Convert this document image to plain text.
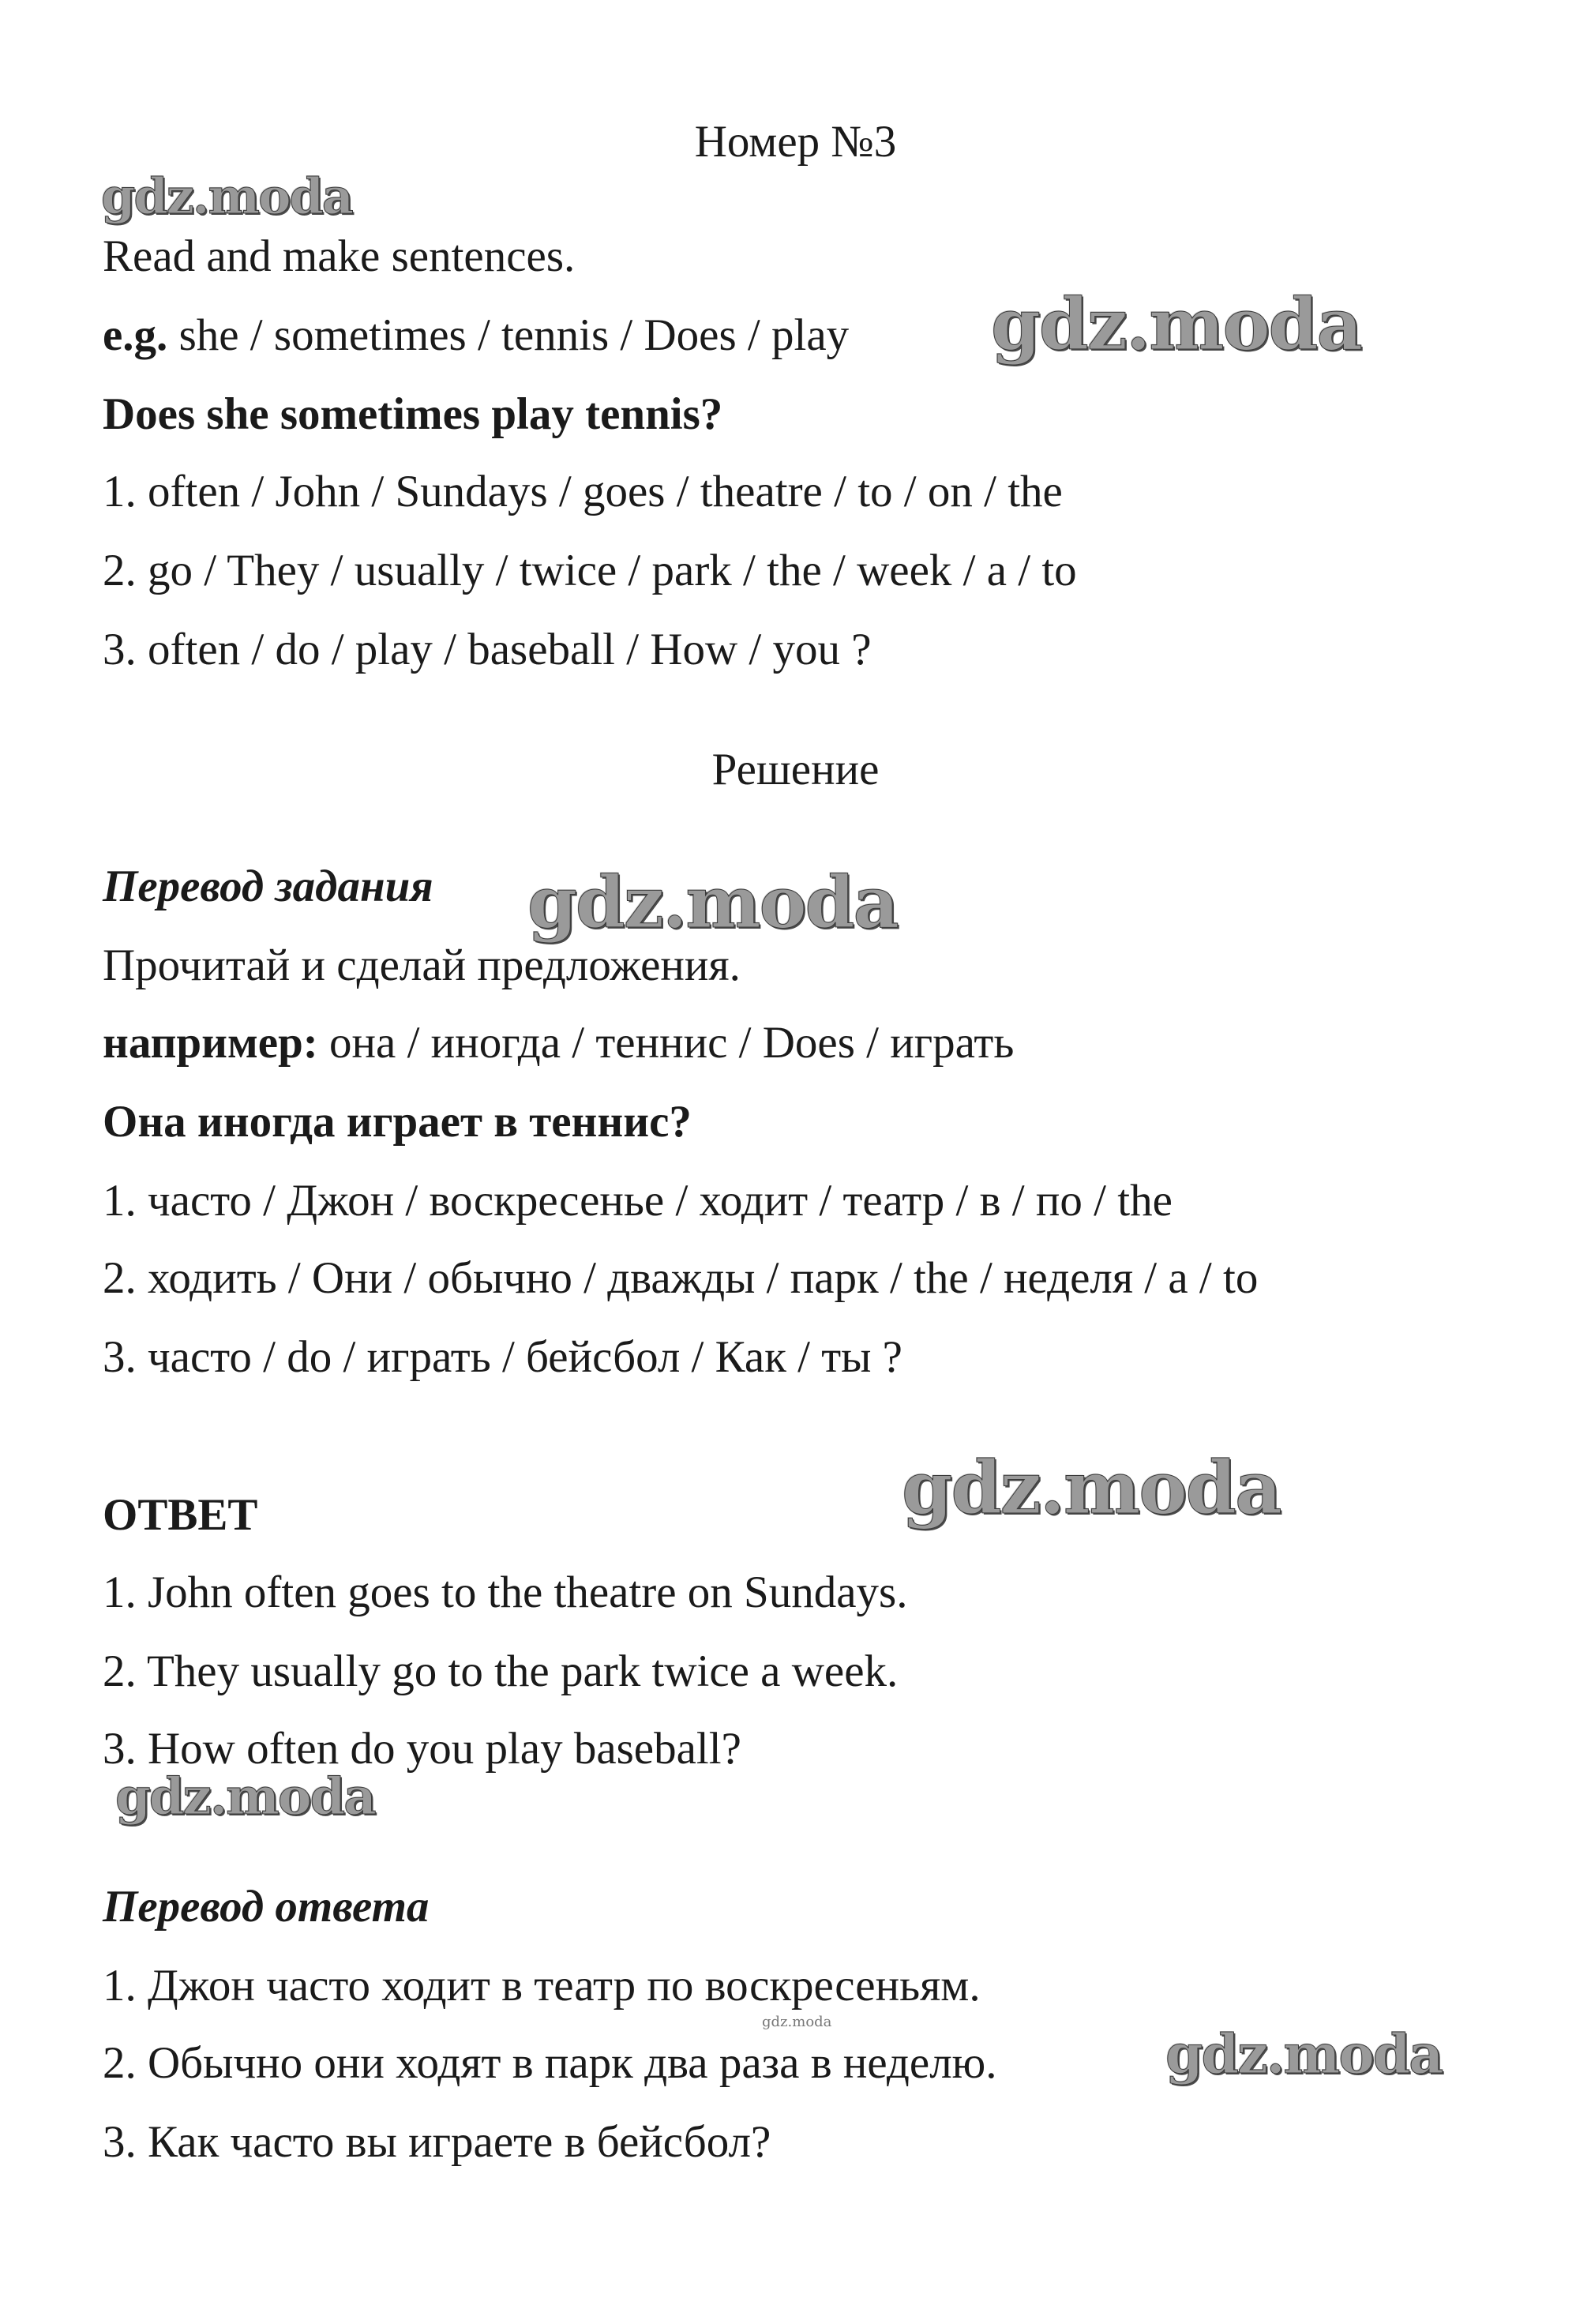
Номер №3
Read and make sentences.
e.g. she / sometimes / tennis / Does / play
Does she sometimes play tennis?
1. often / John / Sundays / goes / theatre / to / on / the
2. go / They / usually / twice / park / the / week / a / to
3. often / do / play / baseball / How / you ?
Решение
Перевод задания
Прочитай и сделай предложения.
например: она / иногда / теннис / Does / играть
Она иногда играет в теннис?
1. часто / Джон / воскресенье / ходит / театр / в / по / the
2. ходить / Они / обычно / дважды / парк / the / неделя / a / to
3. часто / do / играть / бейсбол / Как / ты ?
ОТВЕТ
1. John often goes to the theatre on Sundays.
2. They usually go to the park twice a week.
3. How often do you play baseball?
Перевод ответа
1. Джон часто ходит в театр по воскресеньям.
2. Обычно они ходят в парк два раза в неделю.
3. Как часто вы играете в бейсбол?
gdz.moda
gdz.moda
gdz.moda
gdz.moda
gdz.moda
gdz.moda
gdz.moda
